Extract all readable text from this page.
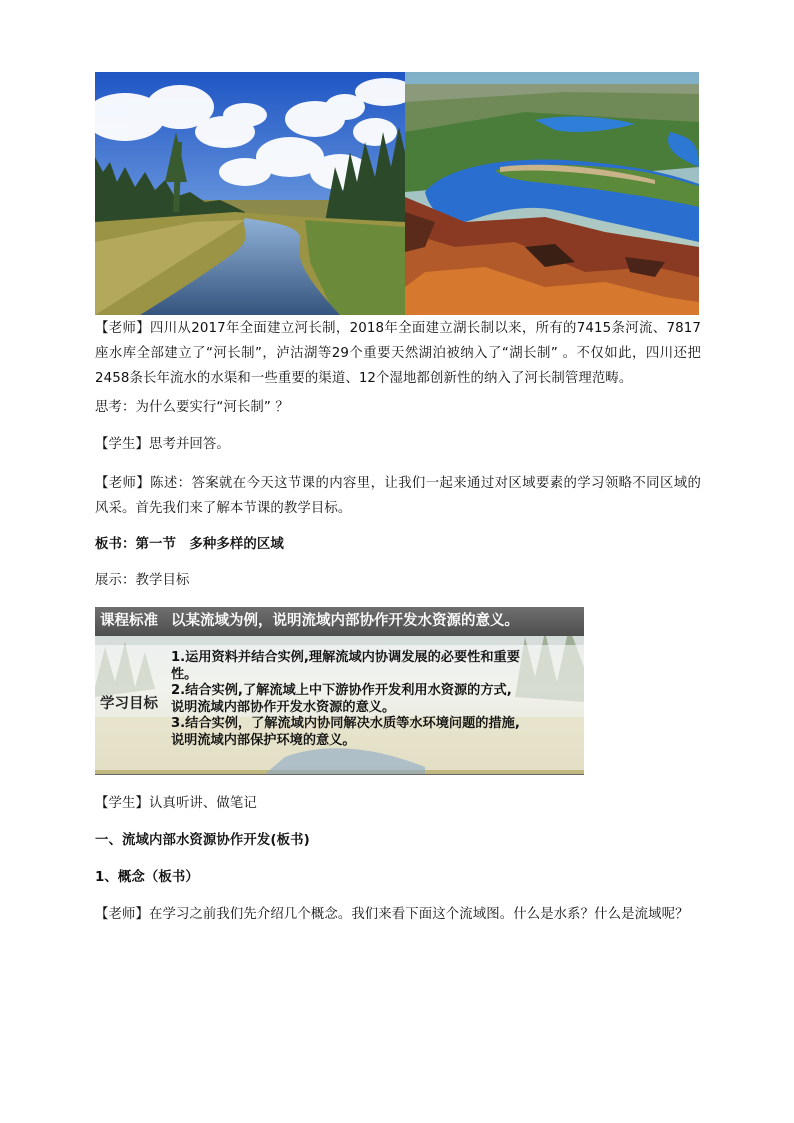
【老师】四川从2017年全面建立河长制，2018年全面建立湖长制以来，所有的7415条河流、7817座水库全部建立了“河长制”，泸沽湖等29个重要天然湖泊被纳入了“湖长制” 。不仅如此，四川还把2458条长年流水的水渠和一些重要的渠道、12个湿地都创新性的纳入了河长制管理范畴。
思考：为什么要实行“河长制” ？
【学生】思考并回答。
【老师】陈述：答案就在今天这节课的内容里，让我们一起来通过对区域要素的学习领略不同区域的风采。首先我们来了解本节课的教学目标。
板书：第一节　多种多样的区域
展示：教学目标
课程标准 以某流域为例，说明流域内部协作开发水资源的意义。
学习目标
1.运用资料并结合实例,理解流域内协调发展的必要性和重要
性。
2.结合实例,了解流域上中下游协作开发利用水资源的方式,
说明流域内部协作开发水资源的意义。
3.结合实例，了解流域内协同解决水质等水环境问题的措施,
说明流域内部保护环境的意义。
【学生】认真听讲、做笔记
一、流域内部水资源协作开发(板书)
1、概念（板书）
【老师】在学习之前我们先介绍几个概念。我们来看下面这个流域图。什么是水系？什么是流域呢？
